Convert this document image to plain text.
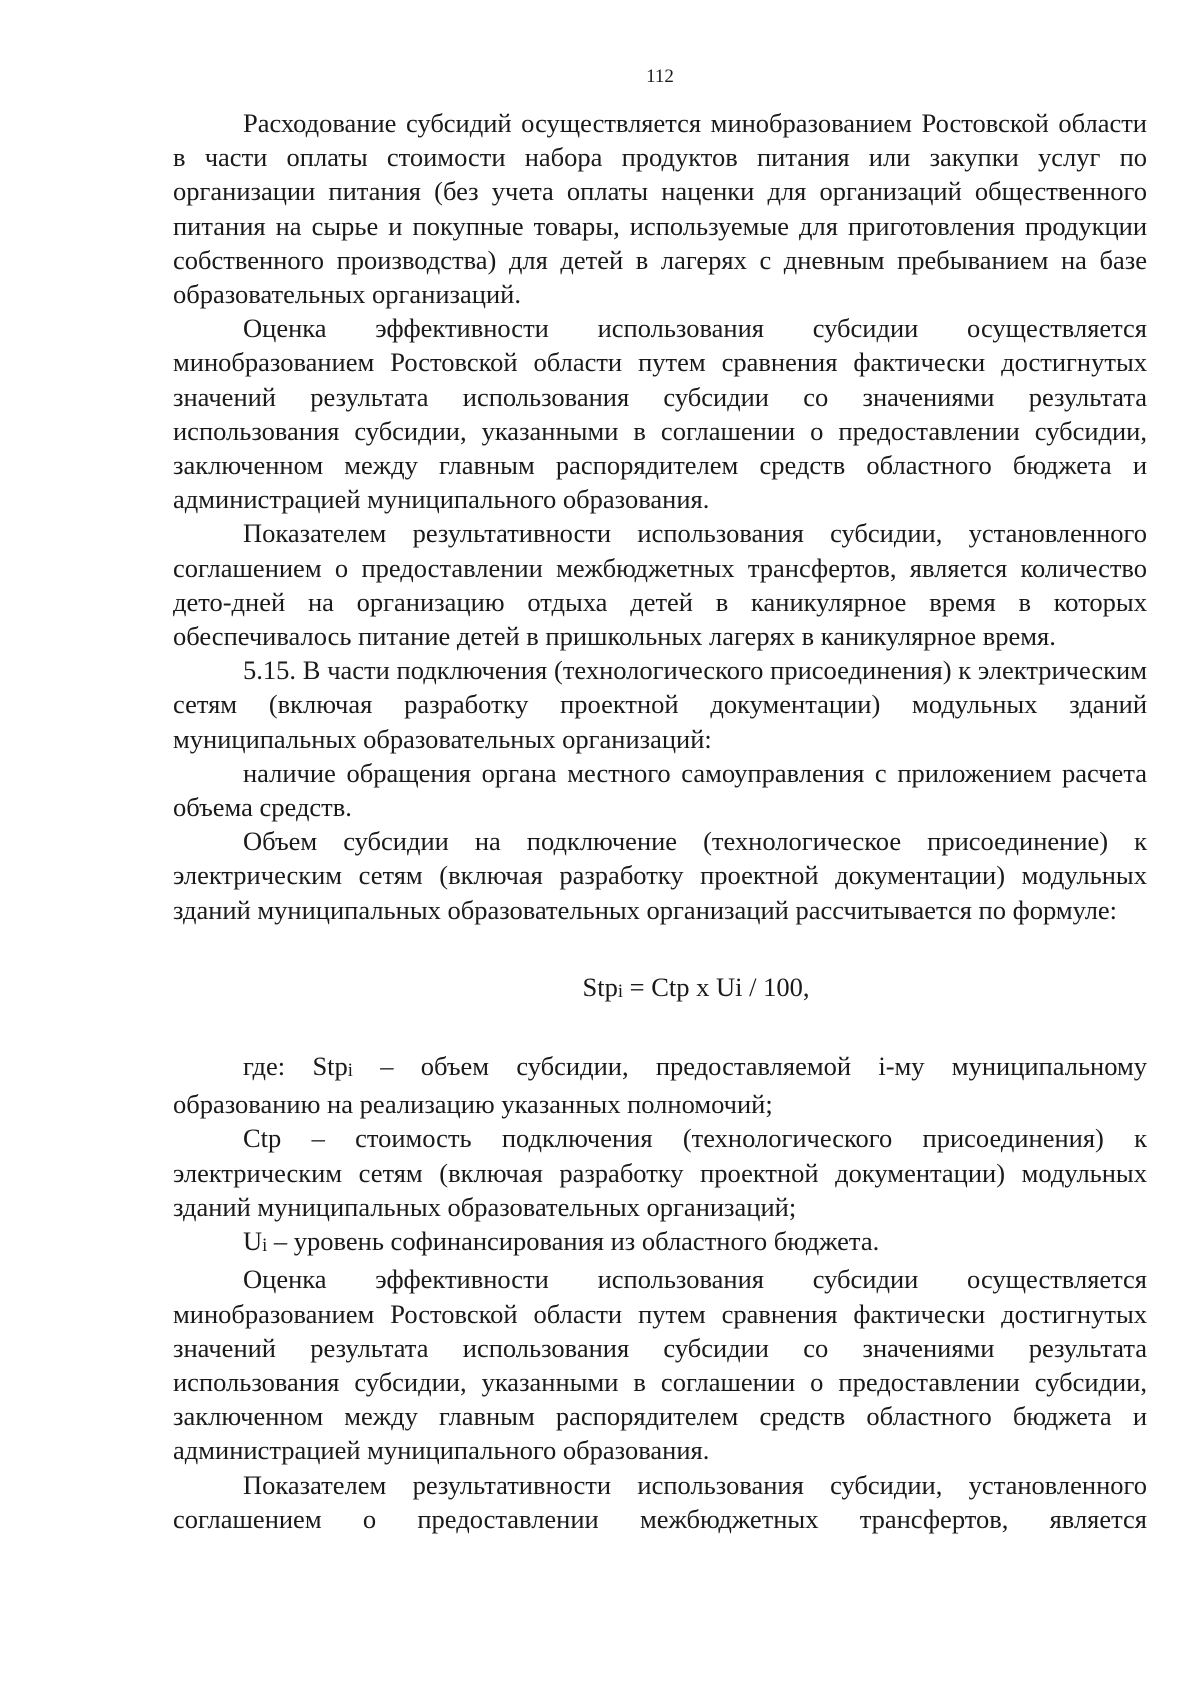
112

Расходование субсидий осуществляется минобразованием Ростовской области в части оплаты стоимости набора продуктов питания или закупки услуг по организации питания (без учета оплаты наценки для организаций общественного питания на сырье и покупные товары, используемые для приготовления продукции собственного производства) для детей в лагерях с дневным пребыванием на базе образовательных организаций.

Оценка эффективности использования субсидии осуществляется минобразованием Ростовской области путем сравнения фактически достигнутых значений результата использования субсидии со значениями результата использования субсидии, указанными в соглашении о предоставлении субсидии, заключенном между главным распорядителем средств областного бюджета и администрацией муниципального образования.

Показателем результативности использования субсидии, установленного соглашением о предоставлении межбюджетных трансфертов, является количество дето-дней на организацию отдыха детей в каникулярное время в которых обеспечивалось питание детей в пришкольных лагерях в каникулярное время.

5.15. В части подключения (технологического присоединения) к электрическим сетям (включая разработку проектной документации) модульных зданий муниципальных образовательных организаций:

наличие обращения органа местного самоуправления с приложением расчета объема средств.

Объем субсидии на подключение (технологическое присоединение) к электрическим сетям (включая разработку проектной документации) модульных зданий муниципальных образовательных организаций рассчитывается по формуле:

Stpi = Ctp x Ui / 100,

где: Stpi – объем субсидии, предоставляемой i-му муниципальному образованию на реализацию указанных полномочий;

Ctp – стоимость подключения (технологического присоединения) к электрическим сетям (включая разработку проектной документации) модульных зданий муниципальных образовательных организаций;

Ui – уровень софинансирования из областного бюджета.

Оценка эффективности использования субсидии осуществляется минобразованием Ростовской области путем сравнения фактически достигнутых значений результата использования субсидии со значениями результата использования субсидии, указанными в соглашении о предоставлении субсидии, заключенном между главным распорядителем средств областного бюджета и администрацией муниципального образования.

Показателем результативности использования субсидии, установленного соглашением о предоставлении межбюджетных трансфертов, является
